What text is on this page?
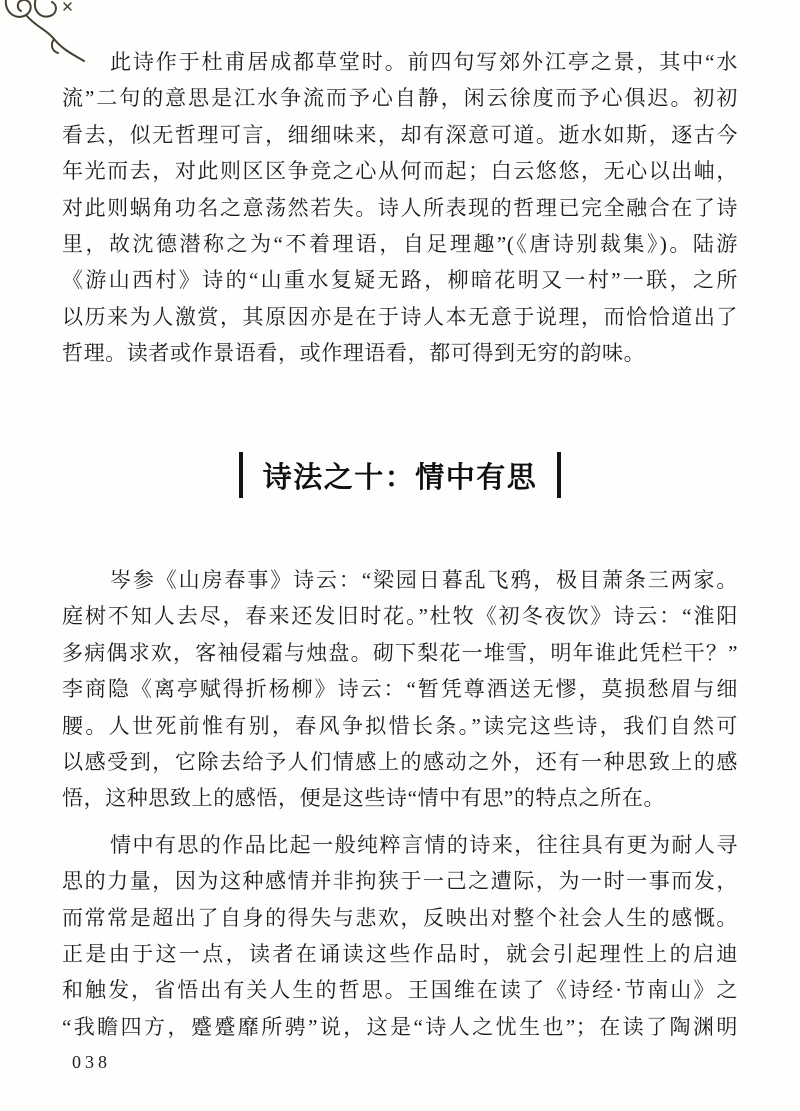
此诗作于杜甫居成都草堂时。前四句写郊外江亭之景，其中“水
流”二句的意思是江水争流而予心自静，闲云徐度而予心俱迟。初初
看去，似无哲理可言，细细味来，却有深意可道。逝水如斯，逐古今
年光而去，对此则区区争竞之心从何而起；白云悠悠，无心以出岫，
对此则蜗角功名之意荡然若失。诗人所表现的哲理已完全融合在了诗
里，故沈德潜称之为“不着理语，自足理趣”(《唐诗别裁集》)。陆游
《游山西村》诗的“山重水复疑无路，柳暗花明又一村”一联，之所
以历来为人激赏，其原因亦是在于诗人本无意于说理，而恰恰道出了
哲理。读者或作景语看，或作理语看，都可得到无穷的韵味。
诗法之十：情中有思
岑参《山房春事》诗云：“梁园日暮乱飞鸦，极目萧条三两家。
庭树不知人去尽，春来还发旧时花。”杜牧《初冬夜饮》诗云：“淮阳
多病偶求欢，客袖侵霜与烛盘。砌下梨花一堆雪，明年谁此凭栏干？”
李商隐《离亭赋得折杨柳》诗云：“暂凭尊酒送无憀，莫损愁眉与细
腰。人世死前惟有别，春风争拟惜长条。”读完这些诗，我们自然可
以感受到，它除去给予人们情感上的感动之外，还有一种思致上的感
悟，这种思致上的感悟，便是这些诗“情中有思”的特点之所在。
情中有思的作品比起一般纯粹言情的诗来，往往具有更为耐人寻
思的力量，因为这种感情并非拘狭于一己之遭际，为一时一事而发，
而常常是超出了自身的得失与悲欢，反映出对整个社会人生的感慨。
正是由于这一点，读者在诵读这些作品时，就会引起理性上的启迪
和触发，省悟出有关人生的哲思。王国维在读了《诗经·节南山》之
“我瞻四方，蹙蹙靡所骋”说，这是“诗人之忧生也”；在读了陶渊明
038
